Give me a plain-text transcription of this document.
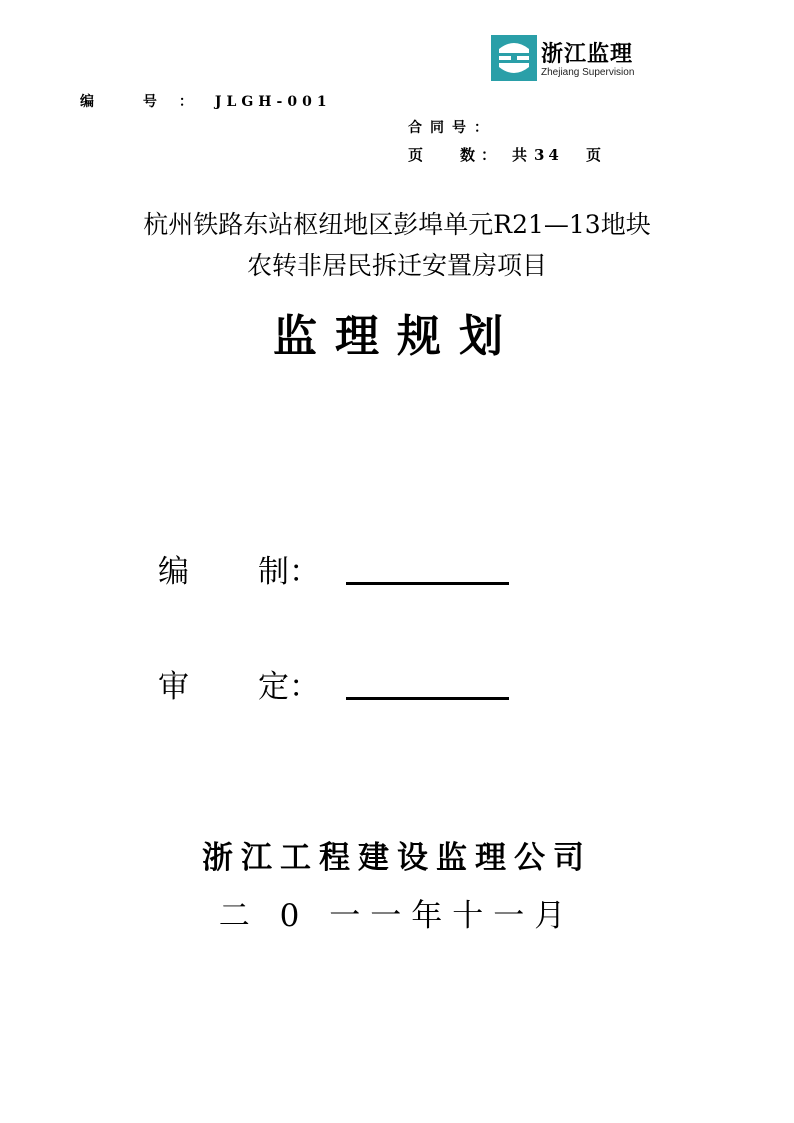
浙江监理
Zhejiang Supervision
编 号：JLGH-001
合同号：
页 数： 共 34 页
杭州铁路东站枢纽地区彭埠单元R21—13地块
农转非居民拆迁安置房项目
监理规划
编 制：
审 定：
浙江工程建设监理公司
二 0 一一年十一月
